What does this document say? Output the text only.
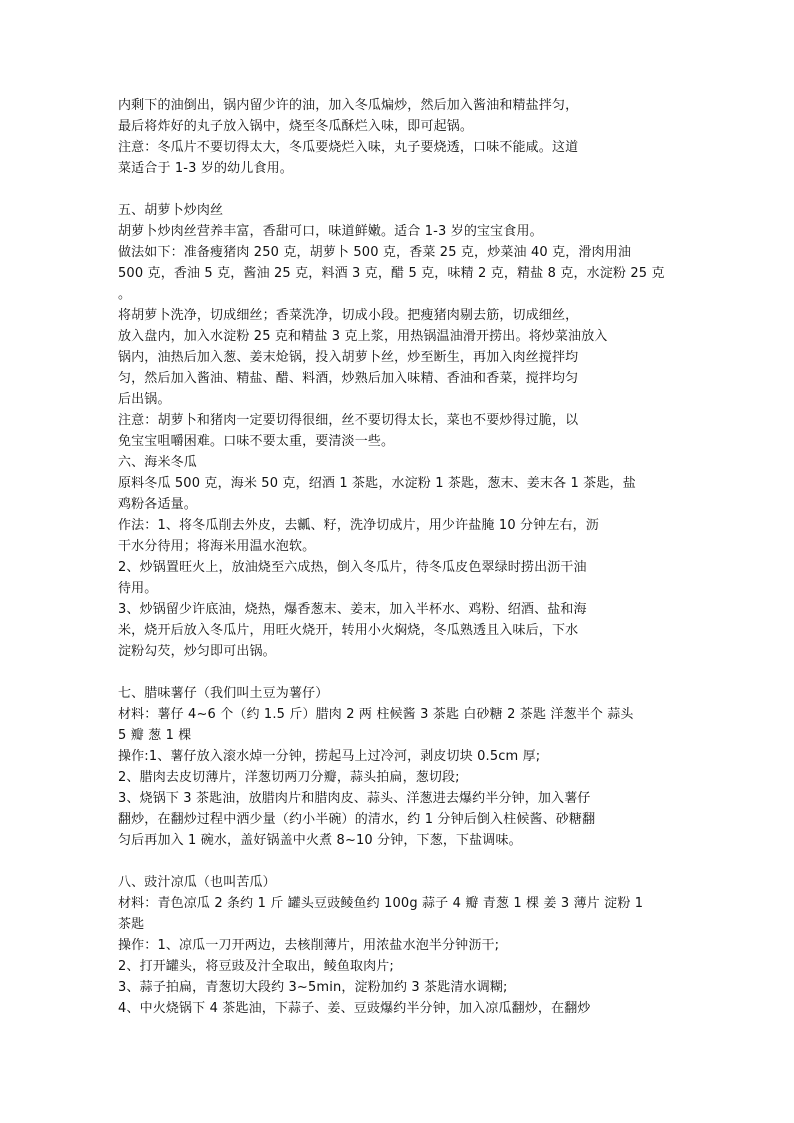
内剩下的油倒出，锅内留少许的油，加入冬瓜煸炒，然后加入酱油和精盐拌匀，
最后将炸好的丸子放入锅中，烧至冬瓜酥烂入味，即可起锅。
注意：冬瓜片不要切得太大，冬瓜要烧烂入味，丸子要烧透，口味不能咸。这道
菜适合于 1-3 岁的幼儿食用。
五、胡萝卜炒肉丝
胡萝卜炒肉丝营养丰富，香甜可口，味道鲜嫩。适合 1-3 岁的宝宝食用。
做法如下：准备瘦猪肉 250 克，胡萝卜 500 克，香菜 25 克，炒菜油 40 克，滑肉用油
500 克，香油 5 克，酱油 25 克，料酒 3 克，醋 5 克，味精 2 克，精盐 8 克，水淀粉 25 克
。
将胡萝卜洗净，切成细丝；香菜洗净，切成小段。把瘦猪肉剔去筋，切成细丝，
放入盘内，加入水淀粉 25 克和精盐 3 克上浆，用热锅温油滑开捞出。将炒菜油放入
锅内，油热后加入葱、姜末炝锅，投入胡萝卜丝，炒至断生，再加入肉丝搅拌均
匀，然后加入酱油、精盐、醋、料酒，炒熟后加入味精、香油和香菜，搅拌均匀
后出锅。
注意：胡萝卜和猪肉一定要切得很细，丝不要切得太长，菜也不要炒得过脆，以
免宝宝咀嚼困难。口味不要太重，要清淡一些。
六、海米冬瓜
原料冬瓜 500 克，海米 50 克，绍酒 1 茶匙，水淀粉 1 茶匙，葱末、姜末各 1 茶匙，盐
鸡粉各适量。
作法：1、将冬瓜削去外皮，去瓤、籽，洗净切成片，用少许盐腌 10 分钟左右，沥
干水分待用；将海米用温水泡软。
2、炒锅置旺火上，放油烧至六成热，倒入冬瓜片，待冬瓜皮色翠绿时捞出沥干油
待用。
3、炒锅留少许底油，烧热，爆香葱末、姜末，加入半杯水、鸡粉、绍酒、盐和海
米，烧开后放入冬瓜片，用旺火烧开，转用小火焖烧，冬瓜熟透且入味后，下水
淀粉勾芡，炒匀即可出锅。
七、腊味薯仔（我们叫土豆为薯仔）
材料：薯仔 4~6 个（约 1.5 斤）腊肉 2 两 柱候酱 3 茶匙 白砂糖 2 茶匙 洋葱半个 蒜头
5 瓣 葱 1 棵
操作:1、薯仔放入滚水焯一分钟，捞起马上过冷河，剥皮切块 0.5cm 厚;
2、腊肉去皮切薄片，洋葱切两刀分瓣，蒜头拍扁，葱切段;
3、烧锅下 3 茶匙油，放腊肉片和腊肉皮、蒜头、洋葱进去爆约半分钟，加入薯仔
翻炒，在翻炒过程中洒少量（约小半碗）的清水，约 1 分钟后倒入柱候酱、砂糖翻
匀后再加入 1 碗水，盖好锅盖中火煮 8~10 分钟，下葱，下盐调味。
八、豉汁凉瓜（也叫苦瓜）
材料：青色凉瓜 2 条约 1 斤 罐头豆豉鲮鱼约 100g 蒜子 4 瓣 青葱 1 棵 姜 3 薄片 淀粉 1
茶匙
操作：1、凉瓜一刀开两边，去核削薄片，用浓盐水泡半分钟沥干;
2、打开罐头，将豆豉及汁全取出，鲮鱼取肉片;
3、蒜子拍扁，青葱切大段约 3~5min，淀粉加约 3 茶匙清水调糊;
4、中火烧锅下 4 茶匙油，下蒜子、姜、豆豉爆约半分钟，加入凉瓜翻炒，在翻炒
